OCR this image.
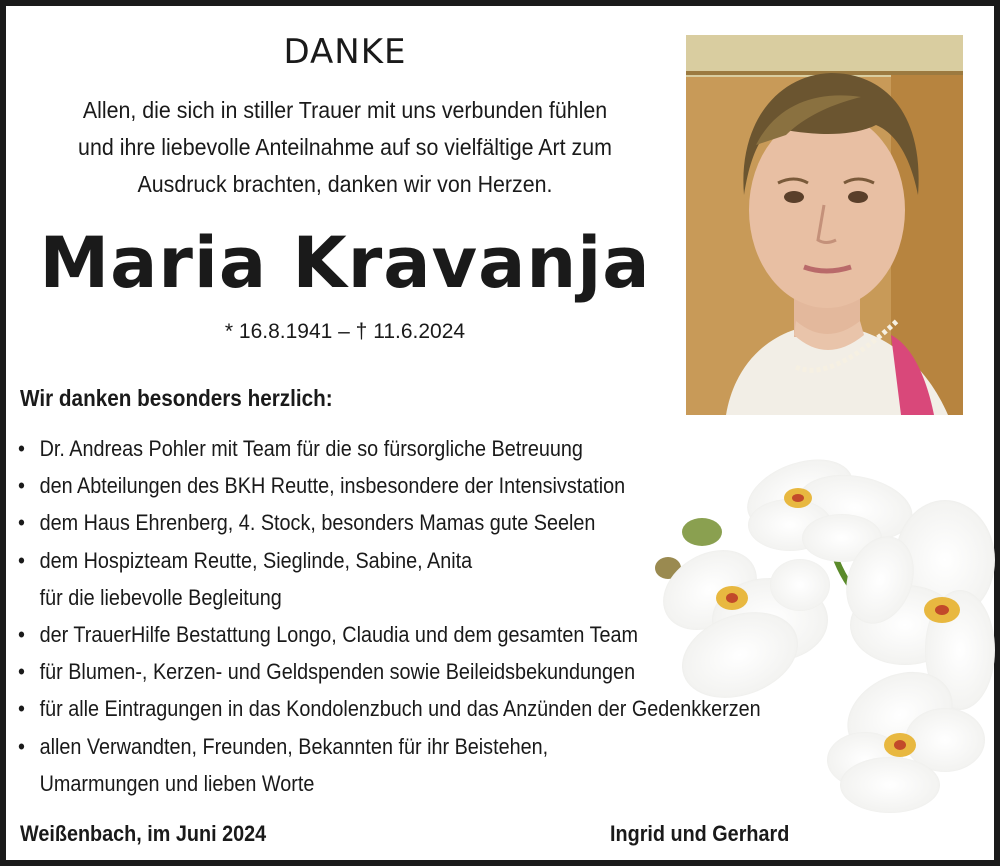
DANKE
Allen, die sich in stiller Trauer mit uns verbunden fühlen
und ihre liebevolle Anteilnahme auf so vielfältige Art zum
Ausdruck brachten, danken wir von Herzen.
Maria Kravanja
* 16.8.1941 – † 11.6.2024
Wir danken besonders herzlich:
• Dr. Andreas Pohler mit Team für die so fürsorgliche Betreuung
• den Abteilungen des BKH Reutte, insbesondere der Intensivstation
• dem Haus Ehrenberg, 4. Stock, besonders Mamas gute Seelen
• dem Hospizteam Reutte, Sieglinde, Sabine, Anita
für die liebevolle Begleitung
• der TrauerHilfe Bestattung Longo, Claudia und dem gesamten Team
• für Blumen-, Kerzen- und Geldspenden sowie Beileidsbekundungen
• für alle Eintragungen in das Kondolenzbuch und das Anzünden der Gedenkkerzen
• allen Verwandten, Freunden, Bekannten für ihr Beistehen,
Umarmungen und lieben Worte
Weißenbach, im Juni 2024	Ingrid und Gerhard
